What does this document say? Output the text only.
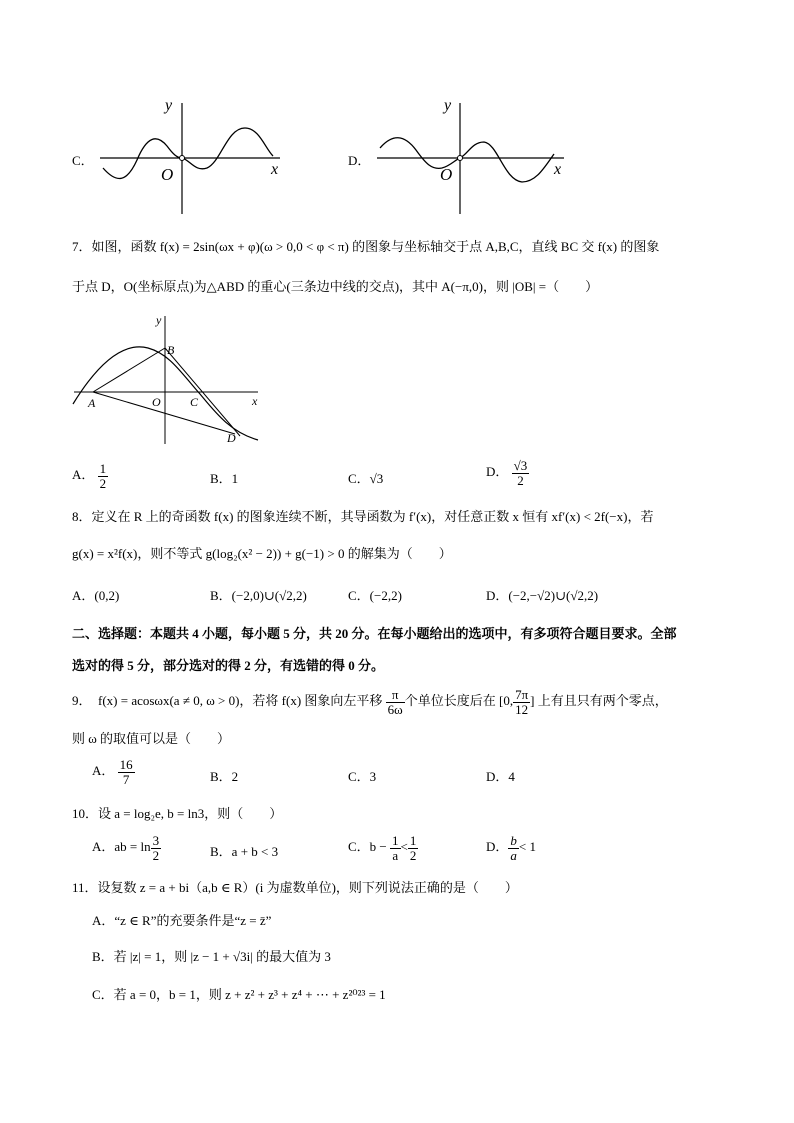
C．
y
x
O
D．
y
x
O
7．如图，函数 f(x) = 2sin(ωx + φ)(ω > 0,0 < φ < π) 的图象与坐标轴交于点 A,B,C，直线 BC 交 f(x) 的图象
于点 D，O(坐标原点)为△ABD 的重心(三条边中线的交点)，其中 A(−π,0)，则 |OB| =（　　）
y
x
A
B
C
D
O
A． $\frac{1}{2}$	B．1	C．√3	D． $\frac{√3}{2}$
8．定义在 R 上的奇函数 f(x) 的图象连续不断，其导函数为 f′(x)，对任意正数 x 恒有 xf′(x) < 2f(−x)，若
g(x) = x²f(x)，则不等式 g(log₂(x² − 2)) + g(−1) > 0 的解集为（　　）
A．(0,2)	B．(−2,0)∪(√2,2)	C．(−2,2)	D．(−2,−√2)∪(√2,2)
二、选择题：本题共 4 小题，每小题 5 分，共 20 分。在每小题给出的选项中，有多项符合题目要求。全部
选对的得 5 分，部分选对的得 2 分，有选错的得 0 分。
9．　f(x) = acosωx(a ≠ 0, ω > 0)，若将 f(x) 图象向左平移 $\frac{\pi}{6\omega}$ 个单位长度后在 [0, $\frac{7\pi}{12}$ ] 上有且只有两个零点，
则 ω 的取值可以是（　　）
A． $\frac{16}{7}$	B．2	C．3	D．4
10．设 a = log₂e, b = ln3，则（　　）
A．ab = $\ln \frac{3}{2}$	B．a + b < 3	C．$b - \frac{1}{a} < \frac{1}{2}$	D． $\frac{b}{a} < 1$
11．设复数 z = a + bi（a,b ∈ R）(i 为虚数单位)，则下列说法正确的是（　　）
A．“z ∈ R”的充要条件是“z = z̄”
B．若 |z| = 1，则 |z − 1 + √3i| 的最大值为 3
C．若 a = 0，b = 1，则 z + z² + z³ + z⁴ + ⋯ + z²⁰²³ = 1
